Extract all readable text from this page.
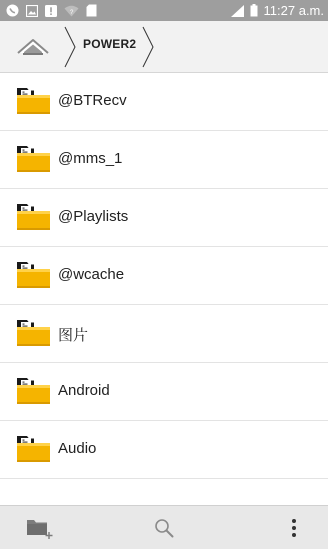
?	11:27 a.m.
POWER2
@BTRecv
@mms_1
@Playlists
@wcache
图片
Android
Audio
